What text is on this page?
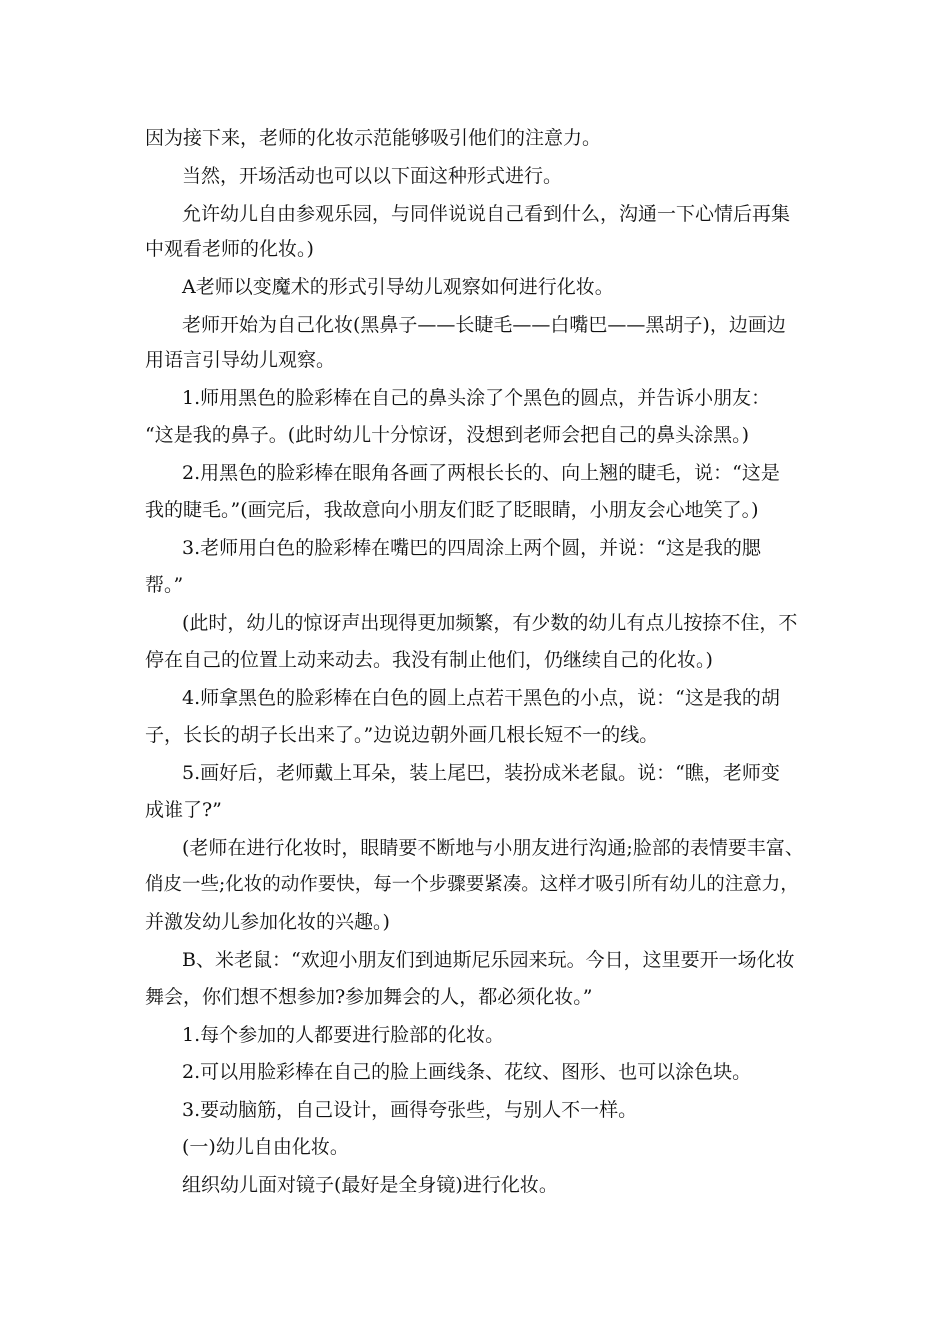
因为接下来，老师的化妆示范能够吸引他们的注意力。
当然，开场活动也可以以下面这种形式进行。
允许幼儿自由参观乐园，与同伴说说自己看到什么，沟通一下心情后再集
中观看老师的化妆。)
A老师以变魔术的形式引导幼儿观察如何进行化妆。
老师开始为自己化妆(黑鼻子——长睫毛——白嘴巴——黑胡子)，边画边
用语言引导幼儿观察。
1.师用黑色的脸彩棒在自己的鼻头涂了个黑色的圆点，并告诉小朋友：
“这是我的鼻子。(此时幼儿十分惊讶，没想到老师会把自己的鼻头涂黑。)
2.用黑色的脸彩棒在眼角各画了两根长长的、向上翘的睫毛，说：“这是
我的睫毛。”(画完后，我故意向小朋友们眨了眨眼睛，小朋友会心地笑了。)
3.老师用白色的脸彩棒在嘴巴的四周涂上两个圆，并说：“这是我的腮
帮。”
(此时，幼儿的惊讶声出现得更加频繁，有少数的幼儿有点儿按捺不住，不
停在自己的位置上动来动去。我没有制止他们，仍继续自己的化妆。)
4.师拿黑色的脸彩棒在白色的圆上点若干黑色的小点，说：“这是我的胡
子，长长的胡子长出来了。”边说边朝外画几根长短不一的线。
5.画好后，老师戴上耳朵，装上尾巴，装扮成米老鼠。说：“瞧，老师变
成谁了?”
(老师在进行化妆时，眼睛要不断地与小朋友进行沟通;脸部的表情要丰富、
俏皮一些;化妆的动作要快，每一个步骤要紧凑。这样才吸引所有幼儿的注意力，
并激发幼儿参加化妆的兴趣。)
B、米老鼠：“欢迎小朋友们到迪斯尼乐园来玩。今日，这里要开一场化妆
舞会，你们想不想参加?参加舞会的人，都必须化妆。”
1.每个参加的人都要进行脸部的化妆。
2.可以用脸彩棒在自己的脸上画线条、花纹、图形、也可以涂色块。
3.要动脑筋，自己设计，画得夸张些，与别人不一样。
(一)幼儿自由化妆。
组织幼儿面对镜子(最好是全身镜)进行化妆。
